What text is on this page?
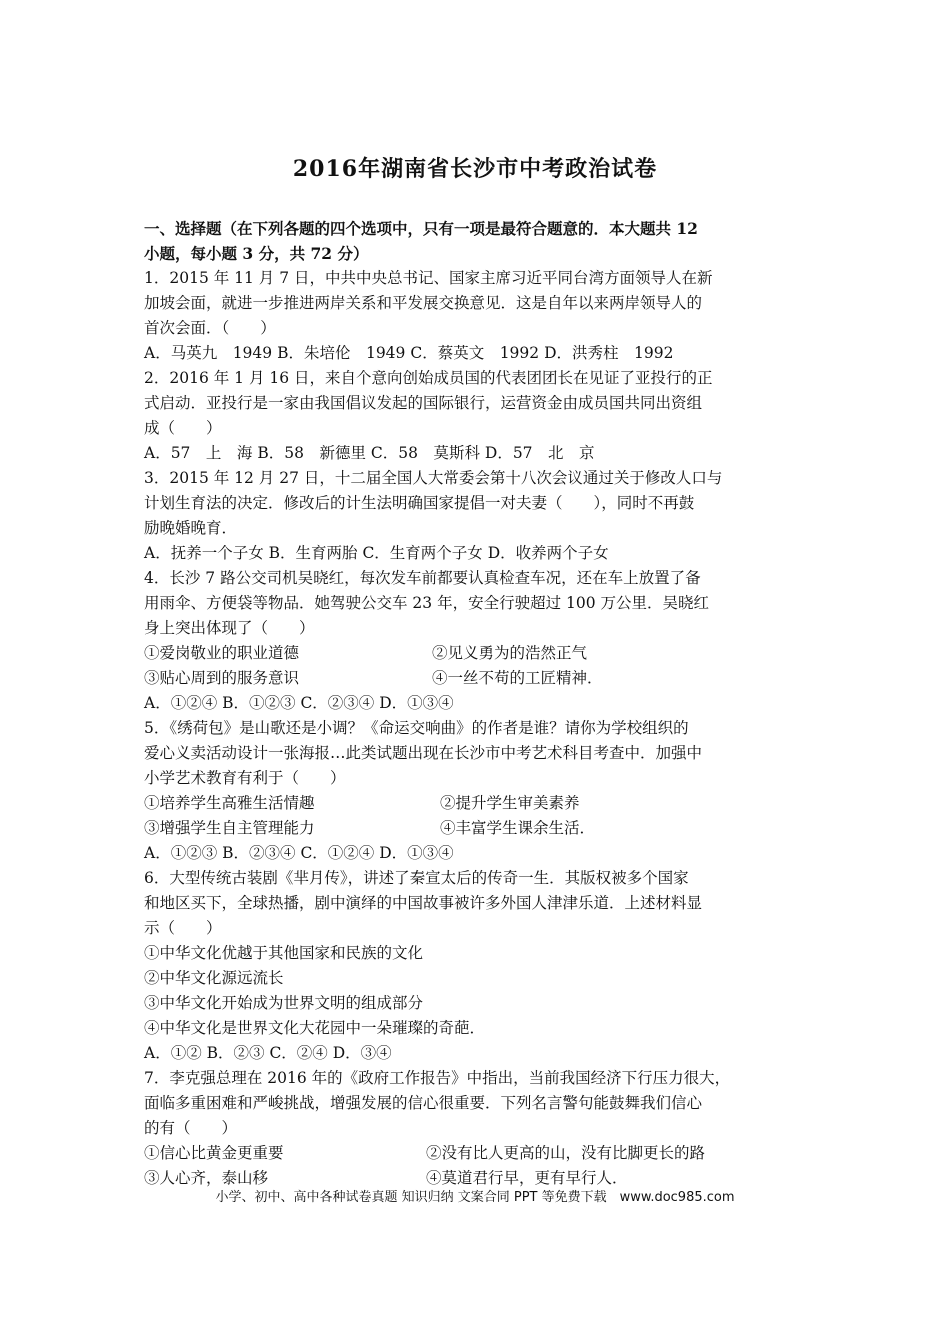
2016年湖南省长沙市中考政治试卷
一、选择题（在下列各题的四个选项中，只有一项是最符合题意的．本大题共 12
小题，每小题 3 分，共 72 分）
1．2015 年 11 月 7 日，中共中央总书记、国家主席习近平同台湾方面领导人在新
加坡会面，就进一步推进两岸关系和平发展交换意见．这是自年以来两岸领导人的
首次会面．（　　）
A．马英九　1949 B．朱培伦　1949 C．蔡英文　1992 D．洪秀柱　1992
2．2016 年 1 月 16 日，来自个意向创始成员国的代表团团长在见证了亚投行的正
式启动．亚投行是一家由我国倡议发起的国际银行，运营资金由成员国共同出资组
成（　　）
A．57　上　海 B．58　新德里 C．58　莫斯科 D．57　北　京
3．2015 年 12 月 27 日，十二届全国人大常委会第十八次会议通过关于修改人口与
计划生育法的决定．修改后的计生法明确国家提倡一对夫妻（　　），同时不再鼓
励晚婚晚育．
A．抚养一个子女 B．生育两胎 C．生育两个子女 D．收养两个子女
4．长沙 7 路公交司机吴晓红，每次发车前都要认真检查车况，还在车上放置了备
用雨伞、方便袋等物品．她驾驶公交车 23 年，安全行驶超过 100 万公里．吴晓红
身上突出体现了（　　）
①爱岗敬业的职业道德	②见义勇为的浩然正气
③贴心周到的服务意识	④一丝不苟的工匠精神．
A．①②④ B．①②③ C．②③④ D．①③④
5．《绣荷包》是山歌还是小调？《命运交响曲》的作者是谁？请你为学校组织的
爱心义卖活动设计一张海报…此类试题出现在长沙市中考艺术科目考查中．加强中
小学艺术教育有利于（　　）
①培养学生高雅生活情趣	②提升学生审美素养
③增强学生自主管理能力	④丰富学生课余生活．
A．①②③ B．②③④ C．①②④ D．①③④
6．大型传统古装剧《芈月传》，讲述了秦宣太后的传奇一生．其版权被多个国家
和地区买下，全球热播，剧中演绎的中国故事被许多外国人津津乐道．上述材料显
示（　　）
①中华文化优越于其他国家和民族的文化
②中华文化源远流长
③中华文化开始成为世界文明的组成部分
④中华文化是世界文化大花园中一朵璀璨的奇葩．
A．①② B．②③ C．②④ D．③④
7．李克强总理在 2016 年的《政府工作报告》中指出，当前我国经济下行压力很大，
面临多重困难和严峻挑战，增强发展的信心很重要．下列名言警句能鼓舞我们信心
的有（　　）
①信心比黄金更重要	②没有比人更高的山，没有比脚更长的路
③人心齐，泰山移	④莫道君行早，更有早行人．
小学、初中、高中各种试卷真题 知识归纳 文案合同 PPT 等免费下载　www.doc985.com
